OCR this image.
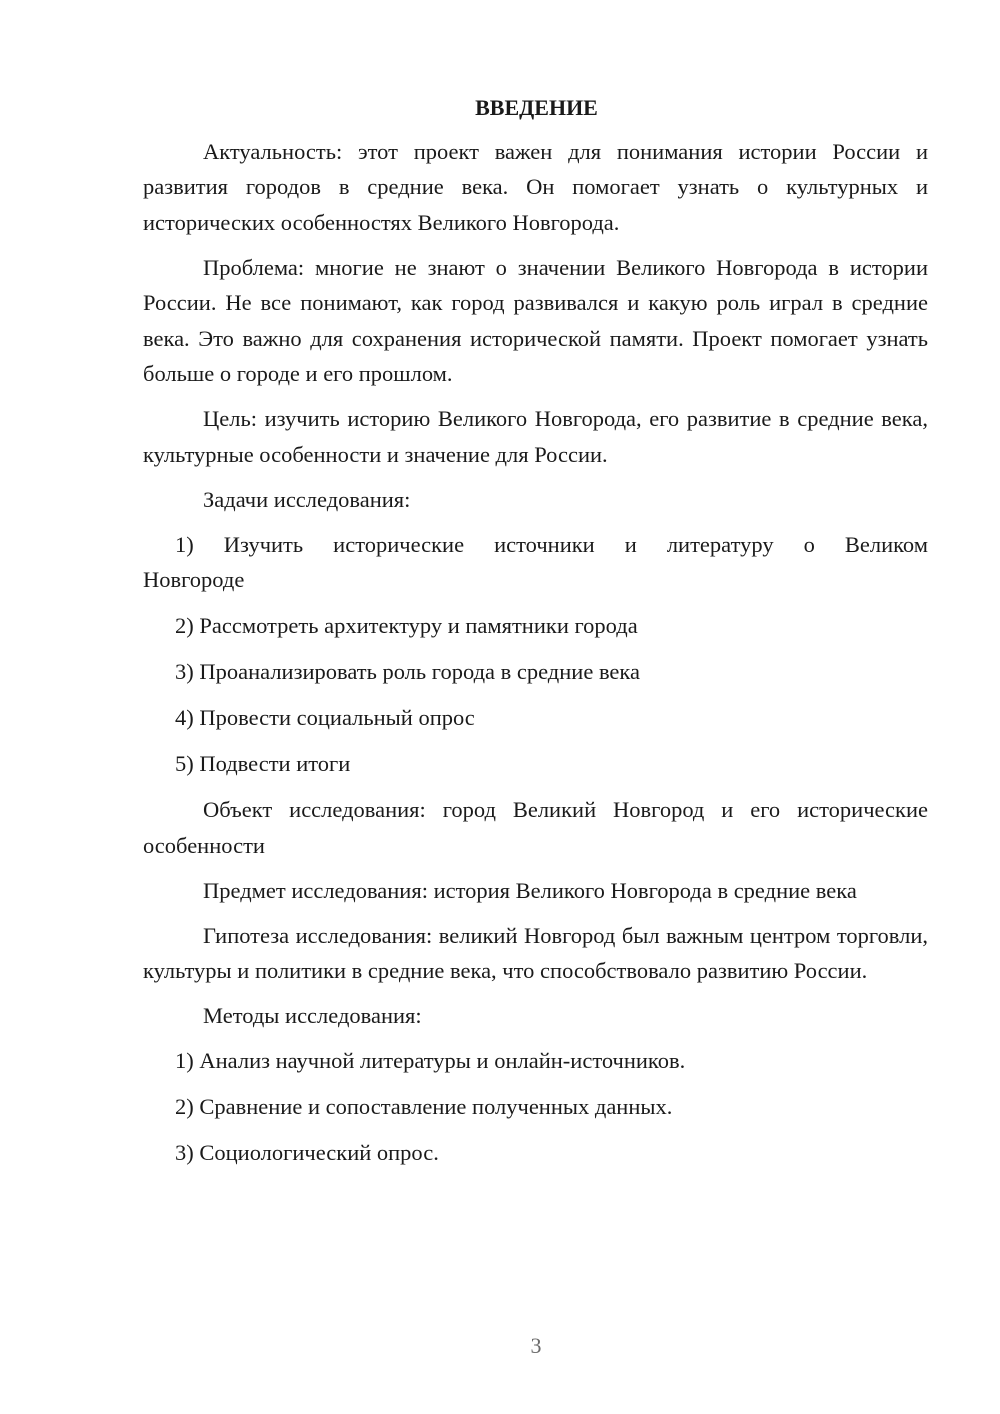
ВВЕДЕНИЕ
Актуальность: этот проект важен для понимания истории России и развития городов в средние века. Он помогает узнать о культурных и исторических особенностях Великого Новгорода.
Проблема: многие не знают о значении Великого Новгорода в истории России. Не все понимают, как город развивался и какую роль играл в средние века. Это важно для сохранения исторической памяти. Проект помогает узнать больше о городе и его прошлом.
Цель: изучить историю Великого Новгорода, его развитие в средние века, культурные особенности и значение для России.
Задачи исследования:
1) Изучить исторические источники и литературу о Великом Новгороде
2) Рассмотреть архитектуру и памятники города
3) Проанализировать роль города в средние века
4) Провести социальный опрос
5) Подвести итоги
Объект исследования: город Великий Новгород и его исторические особенности
Предмет исследования: история Великого Новгорода в средние века
Гипотеза исследования: великий Новгород был важным центром торговли, культуры и политики в средние века, что способствовало развитию России.
Методы исследования:
1) Анализ научной литературы и онлайн-источников.
2) Сравнение и сопоставление полученных данных.
3) Социологический опрос.
3
